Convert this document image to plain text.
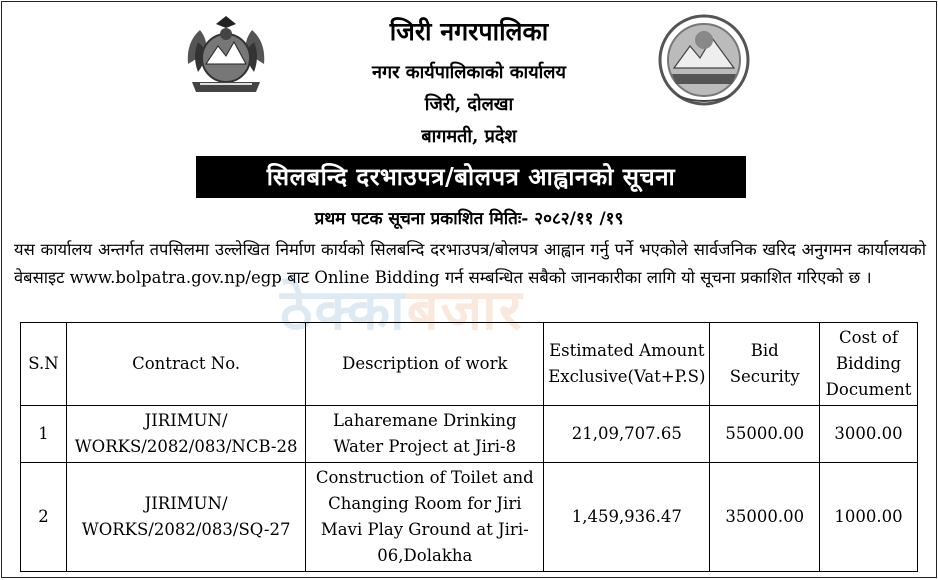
जिरी नगरपालिका
नगर कार्यपालिकाको कार्यालय
जिरी, दोलखा
बागमती, प्रदेश
सिलबन्दि दरभाउपत्र/बोलपत्र आह्वानको सूचना
प्रथम पटक सूचना प्रकाशित मितिः- २०८२/११ /१९
यस कार्यालय अन्तर्गत तपसिलमा उल्लेखित निर्माण कार्यको सिलबन्दि दरभाउपत्र/बोलपत्र आह्वान गर्नु पर्ने भएकोले सार्वजनिक खरिद अनुगमन कार्यालयको वेबसाइट www.bolpatra.gov.np/egp बाट Online Bidding गर्न सम्बन्धित सबैको जानकारीका लागि यो सूचना प्रकाशित गरिएको छ ।
ठेक्काबजार
S.N	Contract No.	Description of work	Estimated Amount Exclusive(Vat+P.S)	Bid Security	Cost of Bidding Document
1	JIRIMUN/ WORKS/2082/083/NCB-28	Laharemane Drinking Water Project at Jiri-8	21,09,707.65	55000.00	3000.00
2	JIRIMUN/ WORKS/2082/083/SQ-27	Construction of Toilet and Changing Room for Jiri Mavi Play Ground at Jiri-06,Dolakha	1,459,936.47	35000.00	1000.00
